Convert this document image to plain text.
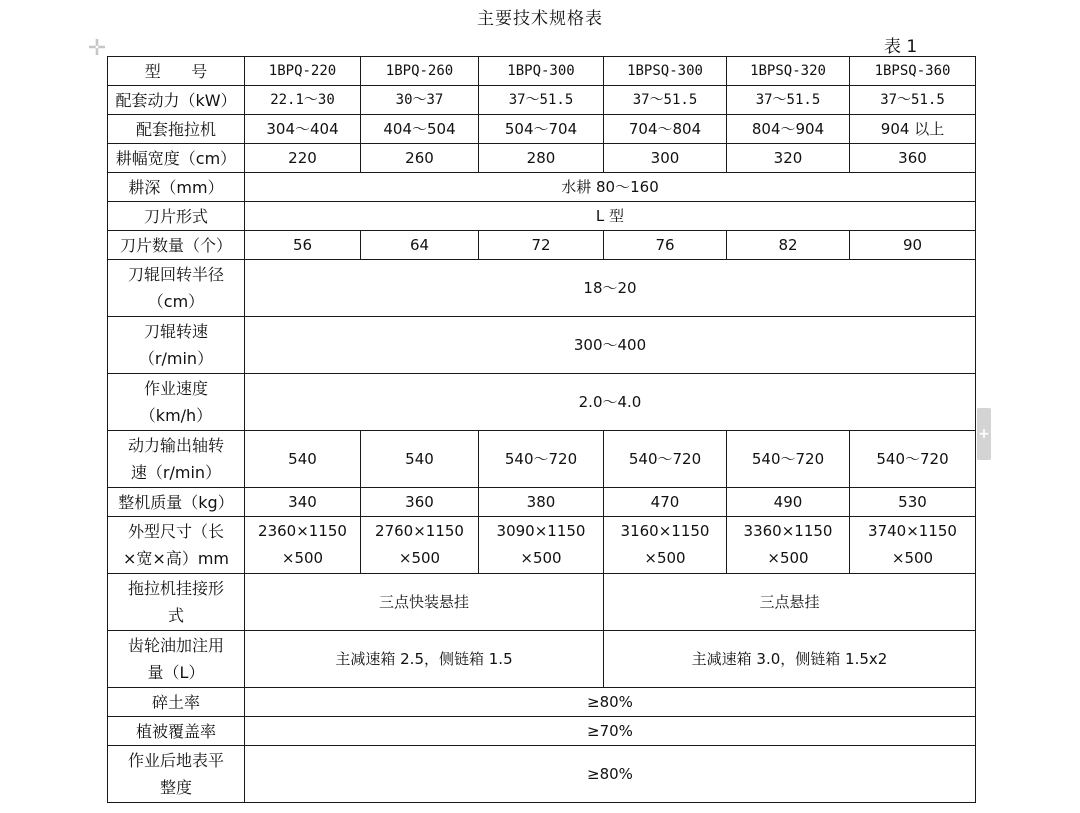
主要技术规格表
表 1
✛
+
型      号	1BPQ-220	1BPQ-260	1BPQ-300	1BPSQ-300	1BPSQ-320	1BPSQ-360
配套动力（kW）	22.1～30	30～37	37～51.5	37～51.5	37～51.5	37～51.5
配套拖拉机	304～404	404～504	504～704	704～804	804～904	904 以上
耕幅宽度（cm）	220	260	280	300	320	360
耕深（mm）	水耕 80～160					
刀片形式	L 型					
刀片数量（个）	56	64	72	76	82	90

刀辊回转半径
（cm）	18～20					

刀辊转速
（r/min）	300～400					

作业速度
（km/h）	2.0～4.0					

动力输出轴转
速（r/min）	540	540	540～720	540～720	540～720	540～720
整机质量（kg）	340	360	380	470	490	530

外型尺寸（长
×宽×高）mm	2360×1150
×500	2760×1150
×500	3090×1150
×500	3160×1150
×500	3360×1150
×500	3740×1150
×500

拖拉机挂接形
式	三点快装悬挂			三点悬挂		

齿轮油加注用
量（L）	主减速箱 2.5，侧链箱 1.5			主减速箱 3.0，侧链箱 1.5x2		
碎土率	≥80%					
植被覆盖率	≥70%					

作业后地表平
整度	≥80%					
